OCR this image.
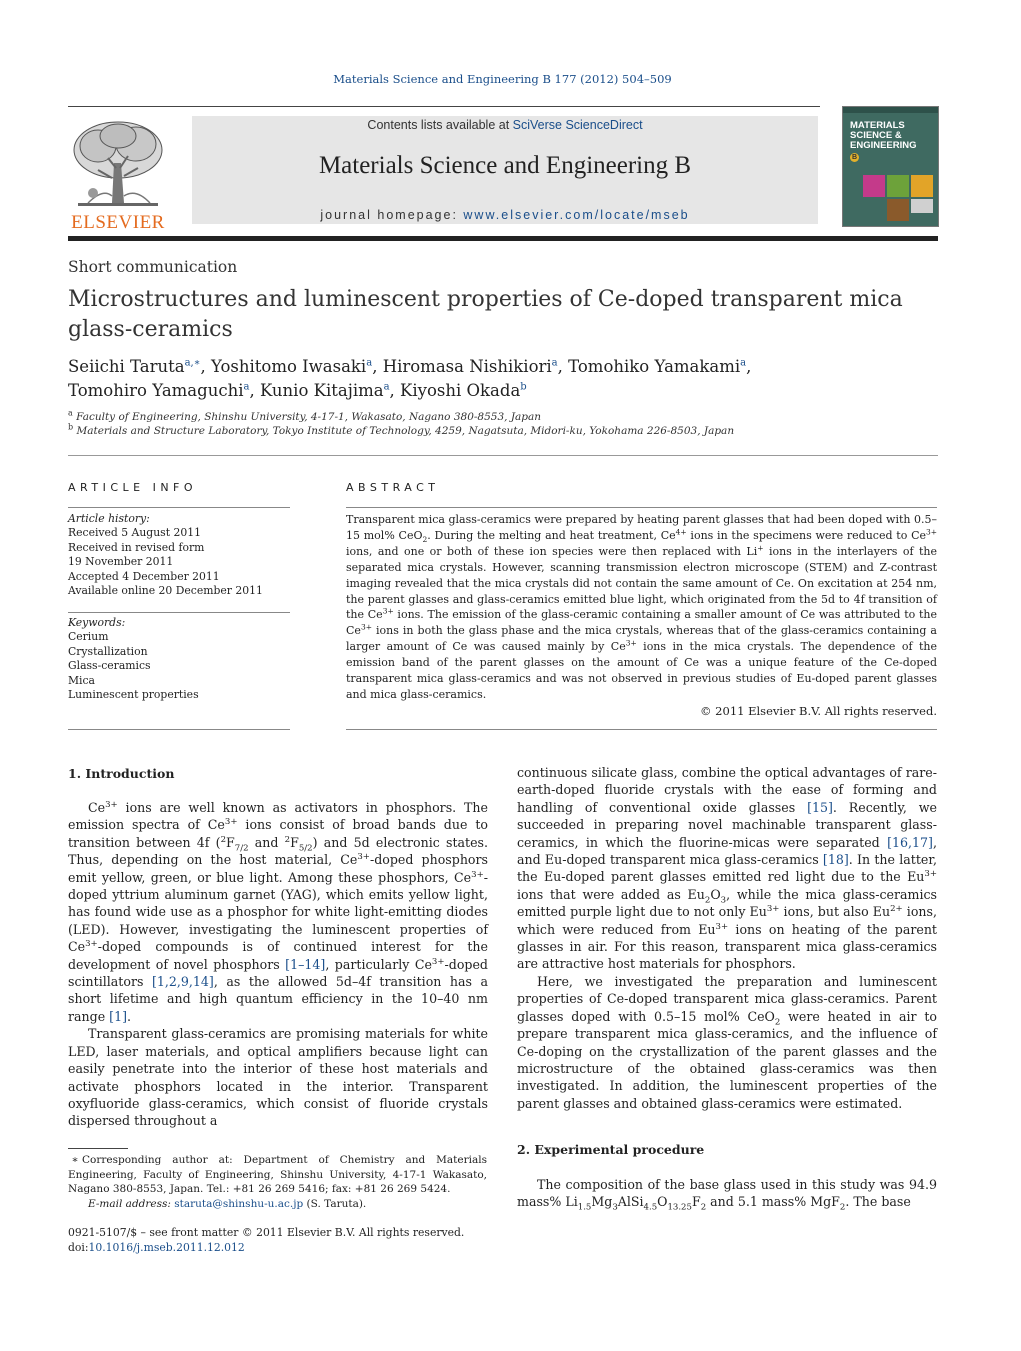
Materials Science and Engineering B 177 (2012) 504–509
ELSEVIER
Contents lists available at SciVerse ScienceDirect
Materials Science and Engineering B
journal homepage: www.elsevier.com/locate/mseb
MATERIALS
SCIENCE &
ENGINEERING
B
Short communication
Microstructures and luminescent properties of Ce-doped transparent mica glass-ceramics
Seiichi Taruta$^{a,∗}$, Yoshitomo Iwasaki$^a$, Hiromasa Nishikiori$^a$, Tomohiko Yamakami$^a$,
Tomohiro Yamaguchi$^a$, Kunio Kitajima$^a$, Kiyoshi Okada$^b$
$^a$ Faculty of Engineering, Shinshu University, 4-17-1, Wakasato, Nagano 380-8553, Japan
$^b$ Materials and Structure Laboratory, Tokyo Institute of Technology, 4259, Nagatsuta, Midori-ku, Yokohama 226-8503, Japan
ARTICLE INFO
Article history:
Received 5 August 2011
Received in revised form
19 November 2011
Accepted 4 December 2011
Available online 20 December 2011
Keywords:
Cerium
Crystallization
Glass-ceramics
Mica
Luminescent properties
ABSTRACT
Transparent mica glass-ceramics were prepared by heating parent glasses that had been doped with 0.5–15 mol% CeO$_2$. During the melting and heat treatment, $Ce^{4+}$ ions in the specimens were reduced to $Ce^{3+}$ ions, and one or both of these ion species were then replaced with Li+ ions in the interlayers of the separated mica crystals. However, scanning transmission electron microscope (STEM) and Z-contrast imaging revealed that the mica crystals did not contain the same amount of Ce. On excitation at 254 nm, the parent glasses and glass-ceramics emitted blue light, which originated from the 5d to 4f transition of the $Ce^{3+}$ ions. The emission of the glass-ceramic containing a smaller amount of Ce was attributed to the $Ce^{3+}$ ions in both the glass phase and the mica crystals, whereas that of the glass-ceramics containing a larger amount of Ce was caused mainly by $Ce^{3+}$ ions in the mica crystals. The dependence of the emission band of the parent glasses on the amount of Ce was a unique feature of the Ce-doped transparent mica glass-ceramics and was not observed in previous studies of Eu-doped parent glasses and mica glass-ceramics.
© 2011 Elsevier B.V. All rights reserved.
1. Introduction

$Ce^{3+}$ ions are well known as activators in phosphors. The emission spectra of $Ce^{3+}$ ions consist of broad bands due to transition between 4f ($^2F_{7/2}$ and $^2F_{5/2}$) and 5d electronic states. Thus, depending on the host material, $Ce^{3+}$-doped phosphors emit yellow, green, or blue light. Among these phosphors, $Ce^{3+}$-doped yttrium aluminum garnet (YAG), which emits yellow light, has found wide use as a phosphor for white light-emitting diodes (LED). However, investigating the luminescent properties of $Ce^{3+}$-doped compounds is of continued interest for the development of novel phosphors [1–14], particularly $Ce^{3+}$-doped scintillators [1,2,9,14], as the allowed 5d–4f transition has a short lifetime and high quantum efficiency in the 10–40 nm range [1].

Transparent glass-ceramics are promising materials for white LED, laser materials, and optical amplifiers because light can easily penetrate into the interior of these host materials and activate phosphors located in the interior. Transparent oxyfluoride glass-ceramics, which consist of fluoride crystals dispersed throughout a

∗ Corresponding author at: Department of Chemistry and Materials Engineering, Faculty of Engineering, Shinshu University, 4-17-1 Wakasato, Nagano 380-8553, Japan. Tel.: +81 26 269 5416; fax: +81 26 269 5424.
E-mail address: staruta@shinshu-u.ac.jp (S. Taruta).
0921-5107/$ – see front matter © 2011 Elsevier B.V. All rights reserved.
doi:10.1016/j.mseb.2011.12.012

continuous silicate glass, combine the optical advantages of rare-earth-doped fluoride crystals with the ease of forming and handling of conventional oxide glasses [15]. Recently, we succeeded in preparing novel machinable transparent glass-ceramics, in which the fluorine-micas were separated [16,17], and Eu-doped transparent mica glass-ceramics [18]. In the latter, the Eu-doped parent glasses emitted red light due to the $Eu^{3+}$ ions that were added as $Eu_2O_3$, while the mica glass-ceramics emitted purple light due to not only $Eu^{3+}$ ions, but also $Eu^{2+}$ ions, which were reduced from $Eu^{3+}$ ions on heating of the parent glasses in air. For this reason, transparent mica glass-ceramics are attractive host materials for phosphors.

Here, we investigated the preparation and luminescent properties of Ce-doped transparent mica glass-ceramics. Parent glasses doped with 0.5–15 mol% CeO$_2$ were heated in air to prepare transparent mica glass-ceramics, and the influence of Ce-doping on the crystallization of the parent glasses and the microstructure of the obtained glass-ceramics was then investigated. In addition, the luminescent properties of the parent glasses and obtained glass-ceramics were estimated.

2. Experimental procedure

The composition of the base glass used in this study was 94.9 mass% $Li_{1.5}Mg_3AlSi_{4.5}O_{13.25}F_2$ and 5.1 mass% MgF$_2$. The base
